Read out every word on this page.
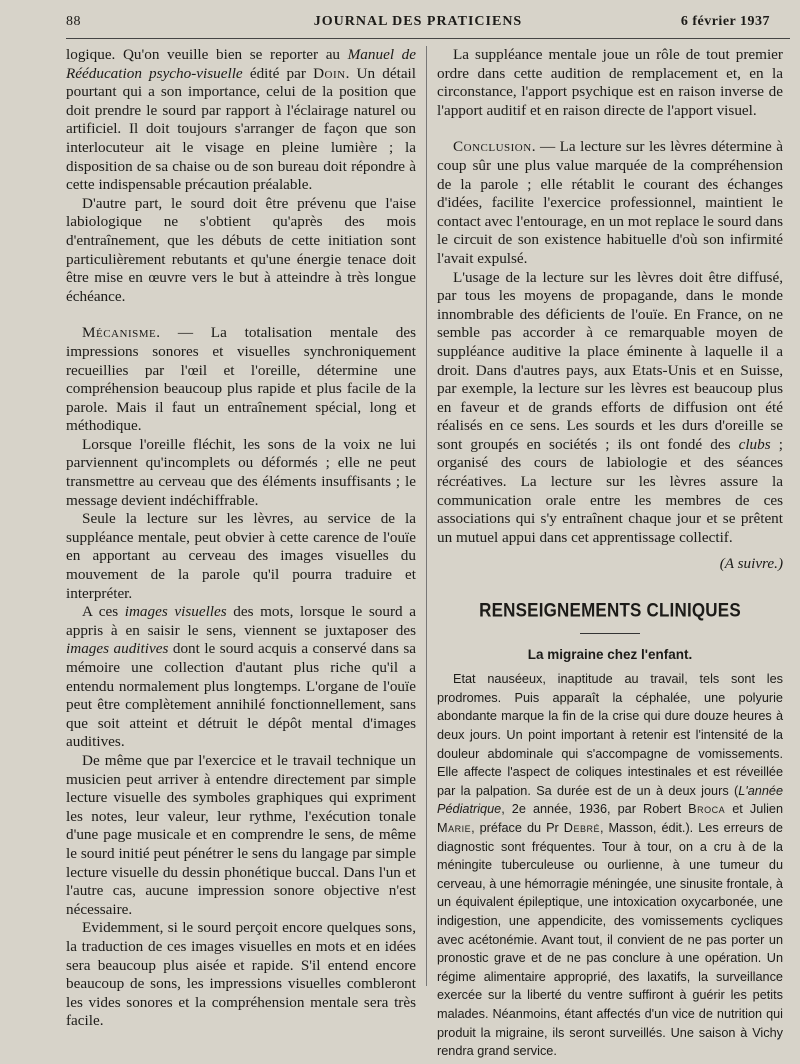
88	JOURNAL DES PRATICIENS	6 février 1937

logique. Qu'on veuille bien se reporter au Manuel de Rééducation psycho-visuelle édité par Doin. Un détail pourtant qui a son importance, celui de la position que doit prendre le sourd par rapport à l'éclairage naturel ou artificiel. Il doit toujours s'arranger de façon que son interlocuteur ait le visage en pleine lumière ; la disposition de sa chaise ou de son bureau doit répondre à cette indispensable précaution préalable.

D'autre part, le sourd doit être prévenu que l'aise labiologique ne s'obtient qu'après des mois d'entraînement, que les débuts de cette initiation sont particulièrement rebutants et qu'une énergie tenace doit être mise en œuvre vers le but à atteindre à très longue échéance.

Mécanisme. — La totalisation mentale des impressions sonores et visuelles synchroniquement recueillies par l'œil et l'oreille, détermine une compréhension beaucoup plus rapide et plus facile de la parole. Mais il faut un entraînement spécial, long et méthodique.

Lorsque l'oreille fléchit, les sons de la voix ne lui parviennent qu'incomplets ou déformés ; elle ne peut transmettre au cerveau que des éléments insuffisants ; le message devient indéchiffrable.

Seule la lecture sur les lèvres, au service de la suppléance mentale, peut obvier à cette carence de l'ouïe en apportant au cerveau des images visuelles du mouvement de la parole qu'il pourra traduire et interpréter.

A ces images visuelles des mots, lorsque le sourd a appris à en saisir le sens, viennent se juxtaposer des images auditives dont le sourd acquis a conservé dans sa mémoire une collection d'autant plus riche qu'il a entendu normalement plus longtemps. L'organe de l'ouïe peut être complètement annihilé fonctionnellement, sans que soit atteint et détruit le dépôt mental d'images auditives.

De même que par l'exercice et le travail technique un musicien peut arriver à entendre directement par simple lecture visuelle des symboles graphiques qui expriment les notes, leur valeur, leur rythme, l'exécution tonale d'une page musicale et en comprendre le sens, de même le sourd initié peut pénétrer le sens du langage par simple lecture visuelle du dessin phonétique buccal. Dans l'un et l'autre cas, aucune impression sonore objective n'est nécessaire.

Evidemment, si le sourd perçoit encore quelques sons, la traduction de ces images visuelles en mots et en idées sera beaucoup plus aisée et rapide. S'il entend encore beaucoup de sons, les impressions visuelles combleront les vides sonores et la compréhension mentale sera très facile.

La suppléance mentale joue un rôle de tout premier ordre dans cette audition de remplacement et, en la circonstance, l'apport psychique est en raison inverse de l'apport auditif et en raison directe de l'apport visuel.

Conclusion. — La lecture sur les lèvres détermine à coup sûr une plus value marquée de la compréhension de la parole ; elle rétablit le courant des échanges d'idées, facilite l'exercice professionnel, maintient le contact avec l'entourage, en un mot replace le sourd dans le circuit de son existence habituelle d'où son infirmité l'avait expulsé.

L'usage de la lecture sur les lèvres doit être diffusé, par tous les moyens de propagande, dans le monde innombrable des déficients de l'ouïe. En France, on ne semble pas accorder à ce remarquable moyen de suppléance auditive la place éminente à laquelle il a droit. Dans d'autres pays, aux Etats-Unis et en Suisse, par exemple, la lecture sur les lèvres est beaucoup plus en faveur et de grands efforts de diffusion ont été réalisés en ce sens. Les sourds et les durs d'oreille se sont groupés en sociétés ; ils ont fondé des clubs ; organisé des cours de labiologie et des séances récréatives. La lecture sur les lèvres assure la communication orale entre les membres de ces associations qui s'y entraînent chaque jour et se prêtent un mutuel appui dans cet apprentissage collectif.

(A suivre.)
RENSEIGNEMENTS CLINIQUES
La migraine chez l'enfant.

Etat nauséeux, inaptitude au travail, tels sont les prodromes. Puis apparaît la céphalée, une polyurie abondante marque la fin de la crise qui dure douze heures à deux jours. Un point important à retenir est l'intensité de la douleur abdominale qui s'accompagne de vomissements. Elle affecte l'aspect de coliques intestinales et est réveillée par la palpation. Sa durée est de un à deux jours (L'année Pédiatrique, 2e année, 1936, par Robert Broca et Julien Marie, préface du Pr Debré, Masson, édit.). Les erreurs de diagnostic sont fréquentes. Tour à tour, on a cru à de la méningite tuberculeuse ou ourlienne, à une tumeur du cerveau, à une hémorragie méningée, une sinusite frontale, à un équivalent épileptique, une intoxication oxycarbonée, une indigestion, une appendicite, des vomissements cycliques avec acétonémie. Avant tout, il convient de ne pas porter un pronostic grave et de ne pas conclure à une opération. Un régime alimentaire approprié, des laxatifs, la surveillance exercée sur la liberté du ventre suffiront à guérir les petits malades. Néanmoins, étant affectés d'un vice de nutrition qui produit la migraine, ils seront surveillés. Une saison à Vichy rendra grand service.
